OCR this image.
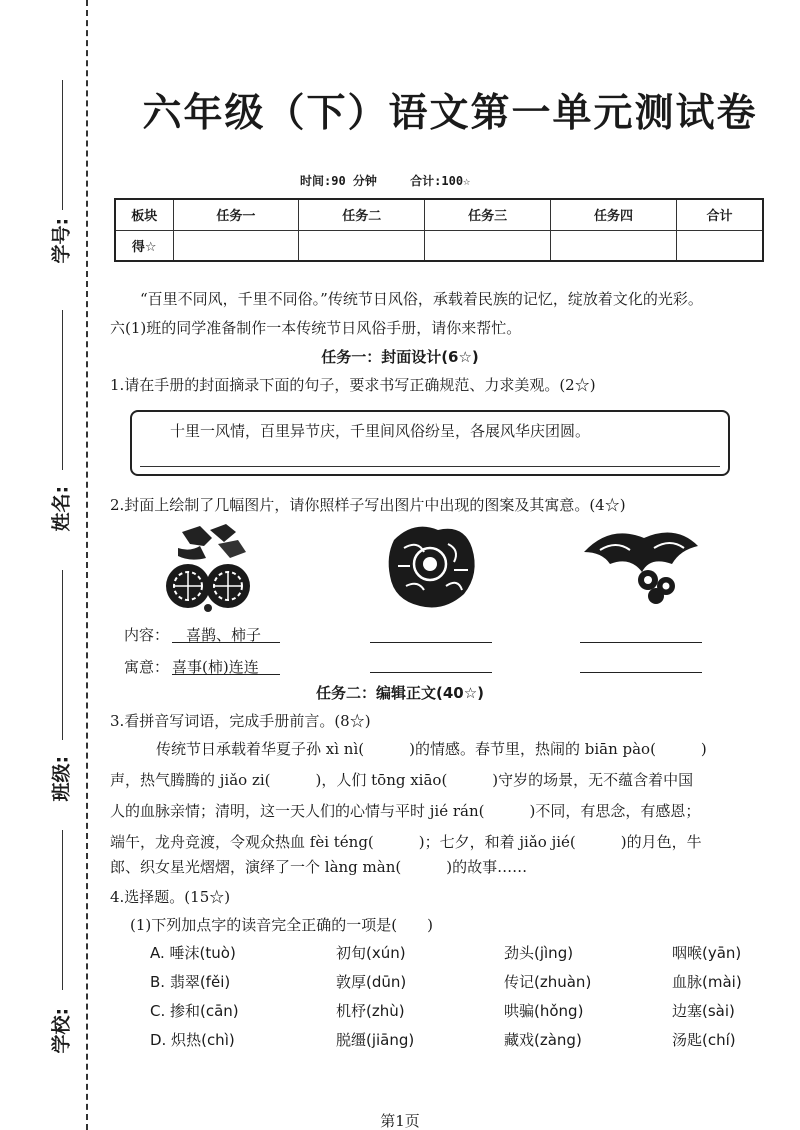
学号:
姓名:
班级:
学校:
六年级（下）语文第一单元测试卷
时间:90 分钟	合计:100☆
板块	任务一	任务二	任务三	任务四	合计
得☆					
“百里不同风，千里不同俗。”传统节日风俗，承载着民族的记忆，绽放着文化的光彩。
六(1)班的同学准备制作一本传统节日风俗手册，请你来帮忙。
任务一：封面设计(6☆)
1.请在手册的封面摘录下面的句子，要求书写正确规范、力求美观。(2☆)
十里一风情，百里异节庆，千里间风俗纷呈，各展风华庆团圆。
2.封面上绘制了几幅图片，请你照样子写出图片中出现的图案及其寓意。(4☆)
内容： 喜鹊、柿子
寓意： 喜事(柿)连连
任务二：编辑正文(40☆)
3.看拼音写词语，完成手册前言。(8☆)
传统节日承载着华夏子孙 xì nì(　　　)的情感。春节里，热闹的 biān pào(　　　)
声，热气腾腾的 jiǎo zi(　　　)，人们 tōng xiāo(　　　)守岁的场景，无不蕴含着中国
人的血脉亲情；清明，这一天人们的心情与平时 jié rán(　　　)不同，有思念，有感恩；
端午，龙舟竞渡，令观众热血 fèi téng(　　　)；七夕，和着 jiǎo jié(　　　)的月色，牛
郎、织女星光熠熠，演绎了一个 làng màn(　　　)的故事……
4.选择题。(15☆)
(1)下列加点字的读音完全正确的一项是(　　)
A. 唾沫(tuò)	初旬(xún)	劲头(jìng)	咽喉(yān)
B. 翡翠(fěi)	敦厚(dūn)	传记(zhuàn)	血脉(mài)
C. 掺和(cān)	机杼(zhù)	哄骗(hǒng)	边塞(sài)
D. 炽热(chì)	脱缰(jiāng)	藏戏(zàng)	汤匙(chí)
第1页
